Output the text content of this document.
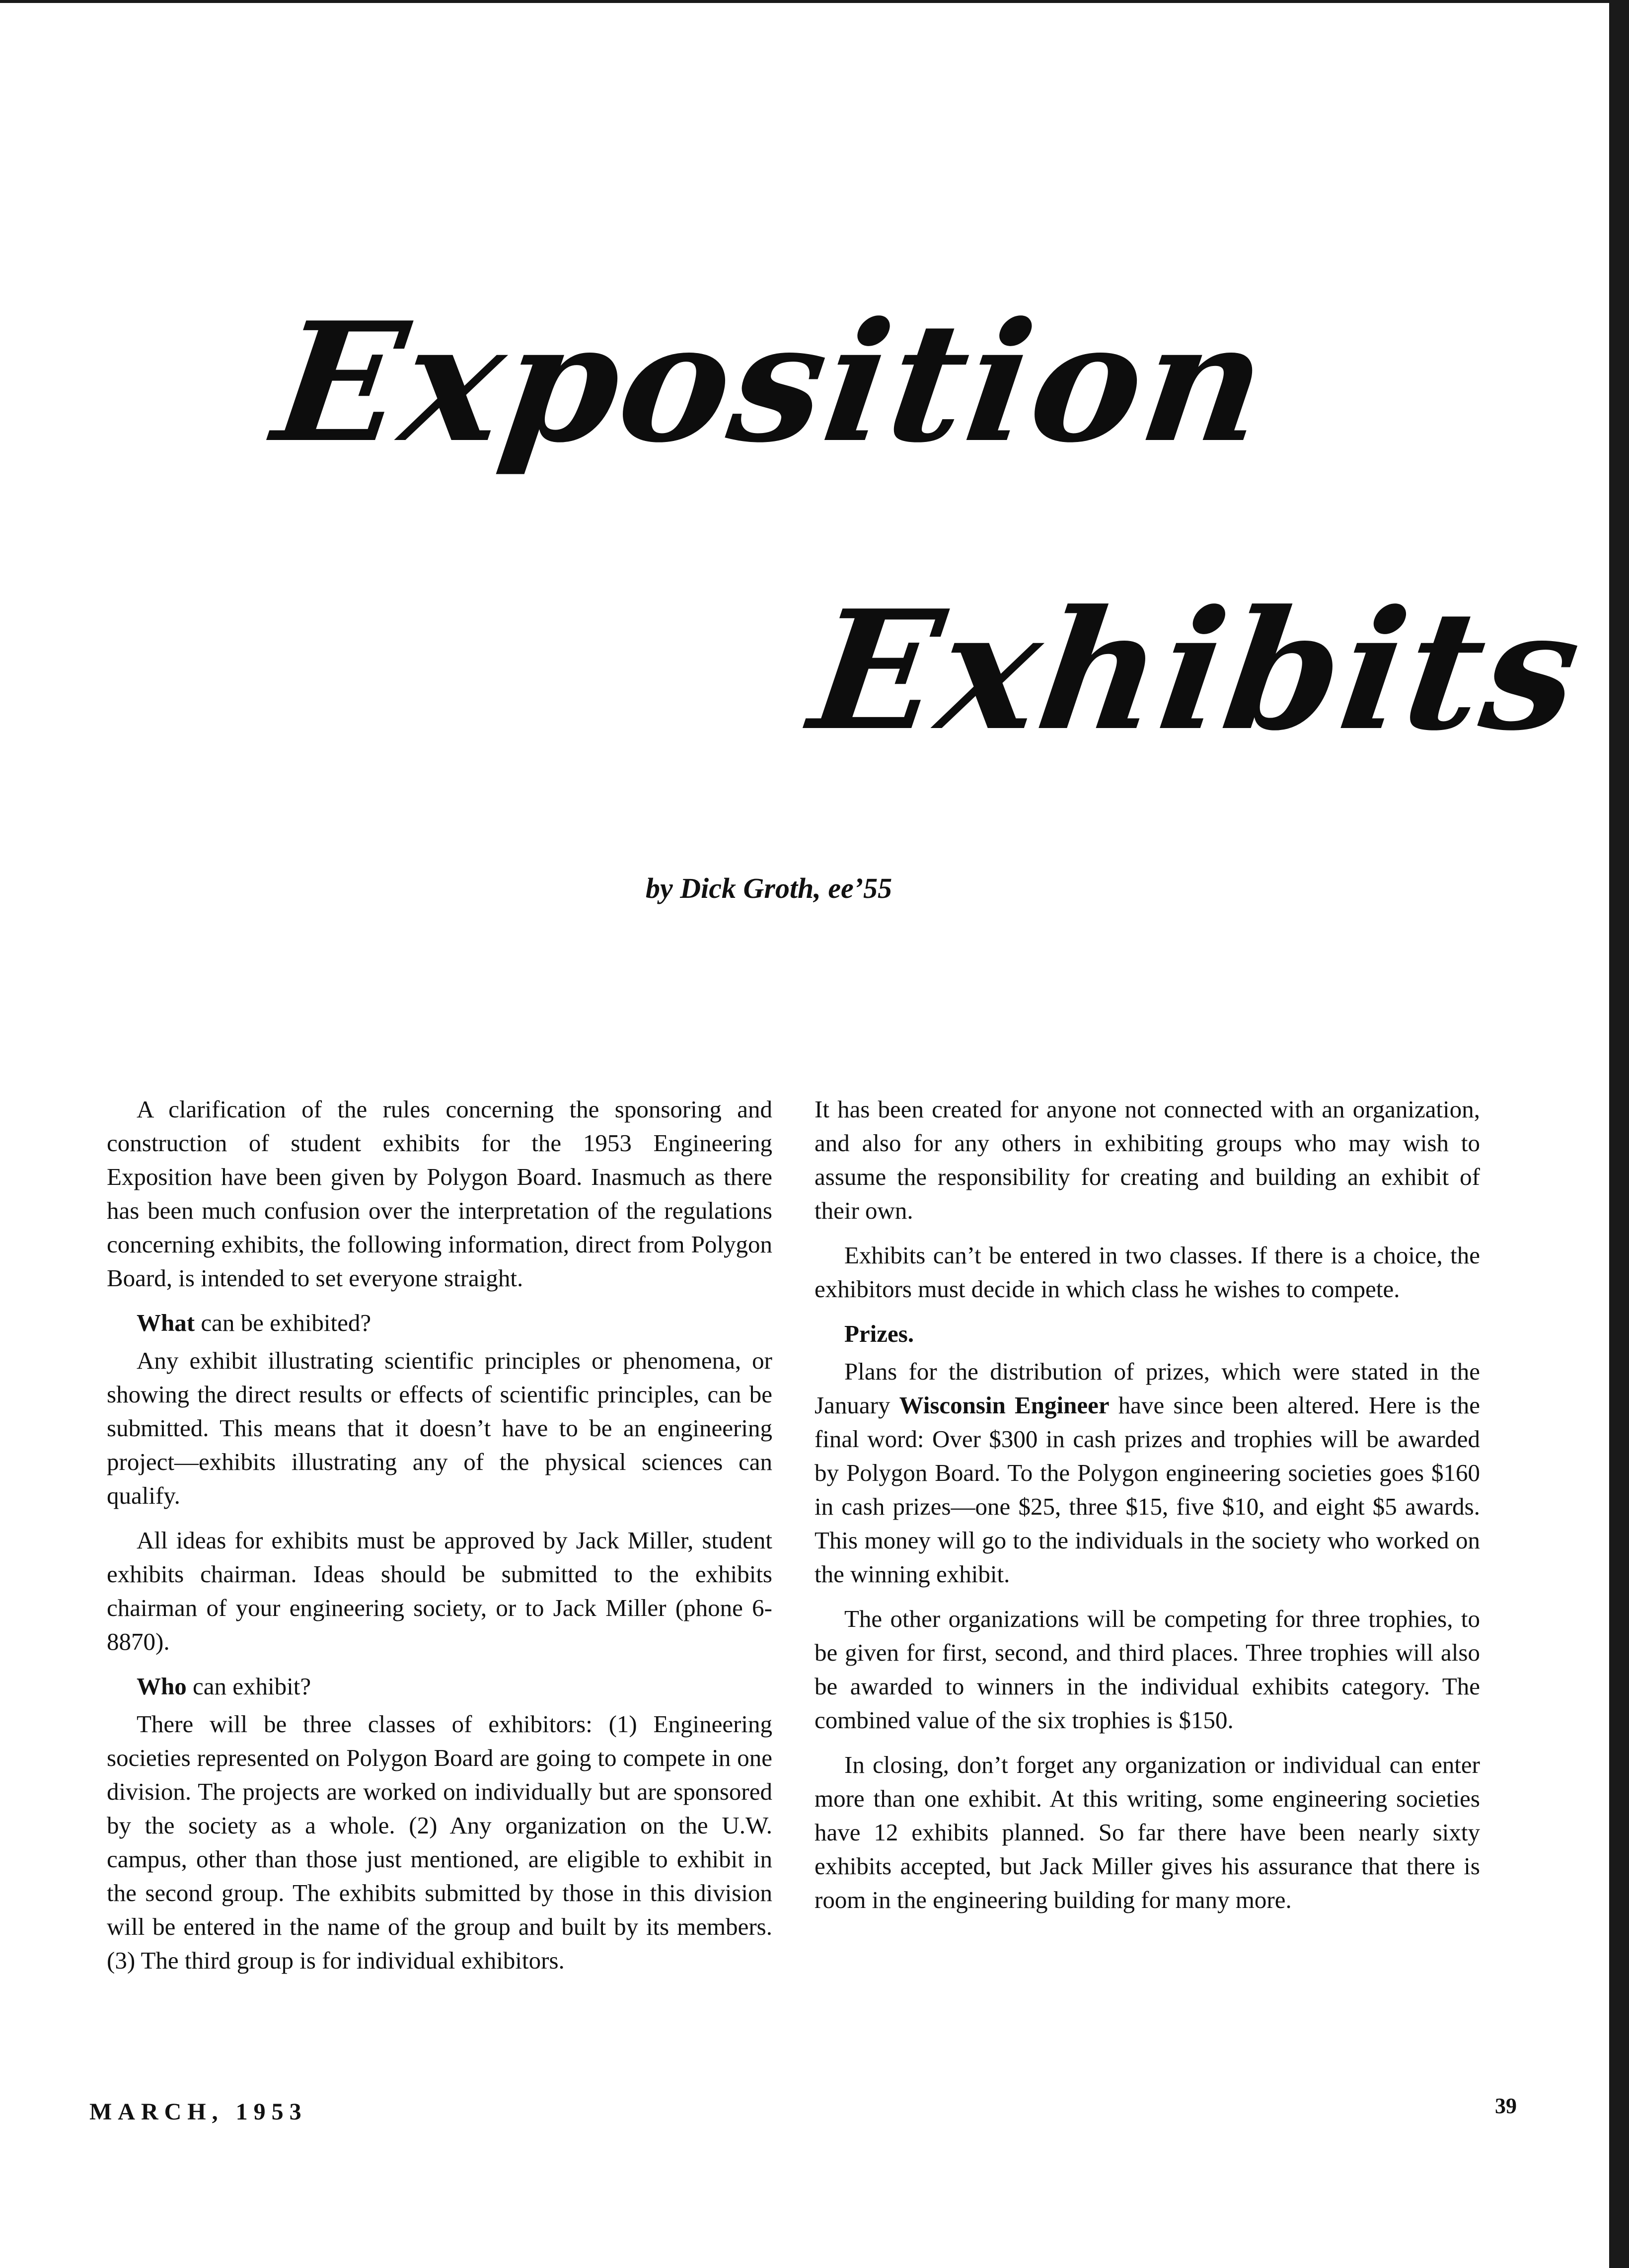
Exposition
Exhibits
by Dick Groth, ee’55

A clarification of the rules concerning the sponsoring and construction of student exhibits for the 1953 Engineering Exposition have been given by Polygon Board. Inasmuch as there has been much confusion over the interpretation of the regulations concerning exhibits, the following information, direct from Polygon Board, is intended to set everyone straight.

What can be exhibited?

Any exhibit illustrating scientific principles or phenomena, or showing the direct results or effects of scientific principles, can be submitted. This means that it doesn’t have to be an engineering project—exhibits illustrating any of the physical sciences can qualify.

All ideas for exhibits must be approved by Jack Miller, student exhibits chairman. Ideas should be submitted to the exhibits chairman of your engineering society, or to Jack Miller (phone 6-8870).

Who can exhibit?

There will be three classes of exhibitors: (1) Engineering societies represented on Polygon Board are going to compete in one division. The projects are worked on individually but are sponsored by the society as a whole. (2) Any organization on the U.W. campus, other than those just mentioned, are eligible to exhibit in the second group. The exhibits submitted by those in this division will be entered in the name of the group and built by its members. (3) The third group is for individual exhibitors.

It has been created for anyone not connected with an organization, and also for any others in exhibiting groups who may wish to assume the responsibility for creating and building an exhibit of their own.

Exhibits can’t be entered in two classes. If there is a choice, the exhibitors must decide in which class he wishes to compete.

Prizes.

Plans for the distribution of prizes, which were stated in the January Wisconsin Engineer have since been altered. Here is the final word: Over $300 in cash prizes and trophies will be awarded by Polygon Board. To the Polygon engineering societies goes $160 in cash prizes—one $25, three $15, five $10, and eight $5 awards. This money will go to the individuals in the society who worked on the winning exhibit.

The other organizations will be competing for three trophies, to be given for first, second, and third places. Three trophies will also be awarded to winners in the individual exhibits category. The combined value of the six trophies is $150.

In closing, don’t forget any organization or individual can enter more than one exhibit. At this writing, some engineering societies have 12 exhibits planned. So far there have been nearly sixty exhibits accepted, but Jack Miller gives his assurance that there is room in the engineering building for many more.

MARCH, 1953	39
